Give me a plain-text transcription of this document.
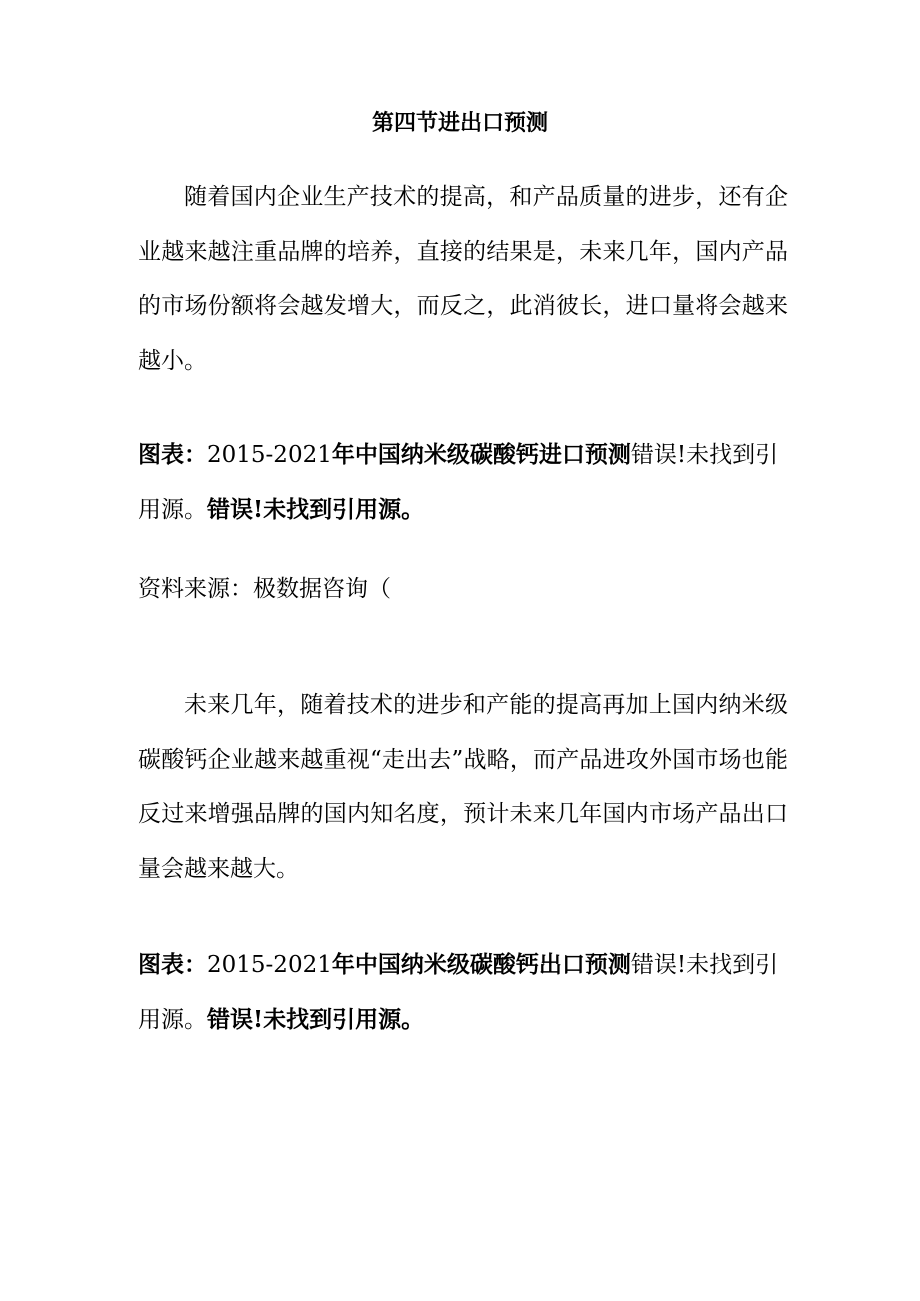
第四节进出口预测

随着国内企业生产技术的提高，和产品质量的进步，还有企业越来越注重品牌的培养，直接的结果是，未来几年，国内产品的市场份额将会越发增大，而反之，此消彼长，进口量将会越来越小。

图表：2015-2021年中国纳米级碳酸钙进口预测错误!未找到引用源。错误!未找到引用源。

资料来源：极数据咨询（

未来几年，随着技术的进步和产能的提高再加上国内纳米级碳酸钙企业越来越重视“走出去”战略，而产品进攻外国市场也能反过来增强品牌的国内知名度，预计未来几年国内市场产品出口量会越来越大。

图表：2015-2021年中国纳米级碳酸钙出口预测错误!未找到引用源。错误!未找到引用源。
